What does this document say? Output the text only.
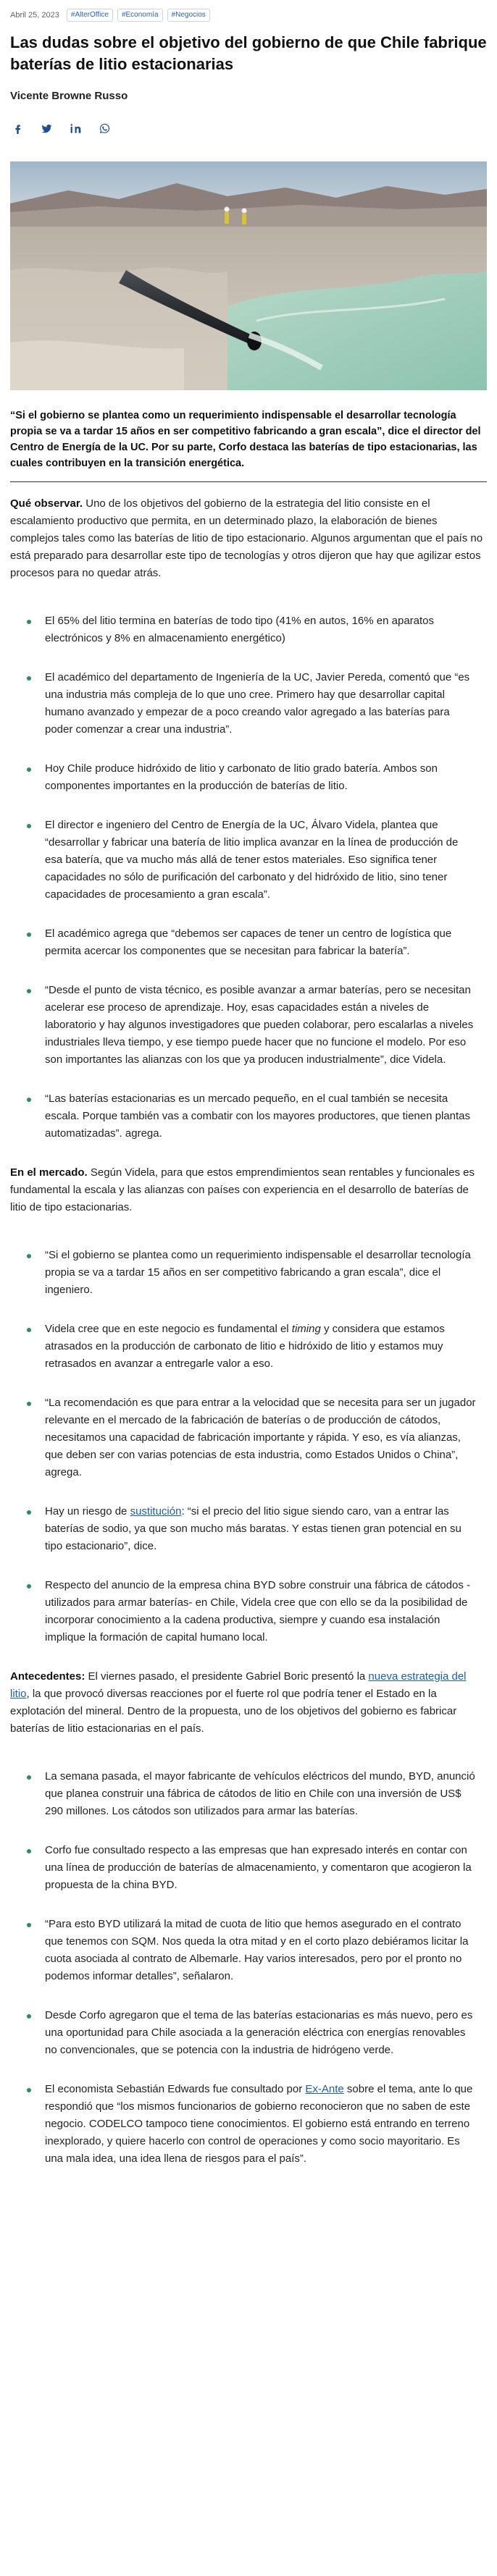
Abril 25, 2023	#AlterOffice	#Economía	#Negocios
Las dudas sobre el objetivo del gobierno de que Chile fabrique baterías de litio estacionarias
Vicente Browne Russo

“Si el gobierno se plantea como un requerimiento indispensable el desarrollar tecnología propia se va a tardar 15 años en ser competitivo fabricando a gran escala”, dice el director del Centro de Energía de la UC. Por su parte, Corfo destaca las baterías de tipo estacionarias, las cuales contribuyen en la transición energética.

Qué observar. Uno de los objetivos del gobierno de la estrategia del litio consiste en el escalamiento productivo que permita, en un determinado plazo, la elaboración de bienes complejos tales como las baterías de litio de tipo estacionario. Algunos argumentan que el país no está preparado para desarrollar este tipo de tecnologías y otros dijeron que hay que agilizar estos procesos para no quedar atrás.

El 65% del litio termina en baterías de todo tipo (41% en autos, 16% en aparatos electrónicos y 8% en almacenamiento energético)
El académico del departamento de Ingeniería de la UC, Javier Pereda, comentó que “es una industria más compleja de lo que uno cree. Primero hay que desarrollar capital humano avanzado y empezar de a poco creando valor agregado a las baterías para poder comenzar a crear una industria”.
Hoy Chile produce hidróxido de litio y carbonato de litio grado batería. Ambos son componentes importantes en la producción de baterías de litio.
El director e ingeniero del Centro de Energía de la UC, Álvaro Videla, plantea que “desarrollar y fabricar una batería de litio implica avanzar en la línea de producción de esa batería, que va mucho más allá de tener estos materiales. Eso significa tener capacidades no sólo de purificación del carbonato y del hidróxido de litio, sino tener capacidades de procesamiento a gran escala”.
El académico agrega que “debemos ser capaces de tener un centro de logística que permita acercar los componentes que se necesitan para fabricar la batería”.
“Desde el punto de vista técnico, es posible avanzar a armar baterías, pero se necesitan acelerar ese proceso de aprendizaje. Hoy, esas capacidades están a niveles de laboratorio y hay algunos investigadores que pueden colaborar, pero escalarlas a niveles industriales lleva tiempo, y ese tiempo puede hacer que no funcione el modelo. Por eso son importantes las alianzas con los que ya producen industrialmente”, dice Videla.
“Las baterías estacionarias es un mercado pequeño, en el cual también se necesita escala. Porque también vas a combatir con los mayores productores, que tienen plantas automatizadas”. agrega.

En el mercado. Según Videla, para que estos emprendimientos sean rentables y funcionales es fundamental la escala y las alianzas con países con experiencia en el desarrollo de baterías de litio de tipo estacionarias.

“Si el gobierno se plantea como un requerimiento indispensable el desarrollar tecnología propia se va a tardar 15 años en ser competitivo fabricando a gran escala”, dice el ingeniero.
Videla cree que en este negocio es fundamental el timing y considera que estamos atrasados en la producción de carbonato de litio e hidróxido de litio y estamos muy retrasados en avanzar a entregarle valor a eso.
“La recomendación es que para entrar a la velocidad que se necesita para ser un jugador relevante en el mercado de la fabricación de baterías o de producción de cátodos, necesitamos una capacidad de fabricación importante y rápida. Y eso, es vía alianzas, que deben ser con varias potencias de esta industria, como Estados Unidos o China”, agrega.
Hay un riesgo de sustitución: “si el precio del litio sigue siendo caro, van a entrar las baterías de sodio, ya que son mucho más baratas. Y estas tienen gran potencial en su tipo estacionario”, dice.
Respecto del anuncio de la empresa china BYD sobre construir una fábrica de cátodos -utilizados para armar baterías- en Chile, Videla cree que con ello se da la posibilidad de incorporar conocimiento a la cadena productiva, siempre y cuando esa instalación implique la formación de capital humano local.

Antecedentes: El viernes pasado, el presidente Gabriel Boric presentó la nueva estrategia del litio, la que provocó diversas reacciones por el fuerte rol que podría tener el Estado en la explotación del mineral. Dentro de la propuesta, uno de los objetivos del gobierno es fabricar baterías de litio estacionarias en el país.

La semana pasada, el mayor fabricante de vehículos eléctricos del mundo, BYD, anunció que planea construir una fábrica de cátodos de litio en Chile con una inversión de US$ 290 millones. Los cátodos son utilizados para armar las baterías.
Corfo fue consultado respecto a las empresas que han expresado interés en contar con una línea de producción de baterías de almacenamiento, y comentaron que acogieron la propuesta de la china BYD.
“Para esto BYD utilizará la mitad de cuota de litio que hemos asegurado en el contrato que tenemos con SQM. Nos queda la otra mitad y en el corto plazo debiéramos licitar la cuota asociada al contrato de Albemarle. Hay varios interesados, pero por el pronto no podemos informar detalles”, señalaron.
Desde Corfo agregaron que el tema de las baterías estacionarias es más nuevo, pero es una oportunidad para Chile asociada a la generación eléctrica con energías renovables no convencionales, que se potencia con la industria de hidrógeno verde.
El economista Sebastián Edwards fue consultado por Ex-Ante sobre el tema, ante lo que respondió que “los mismos funcionarios de gobierno reconocieron que no saben de este negocio. CODELCO tampoco tiene conocimientos. El gobierno está entrando en terreno inexplorado, y quiere hacerlo con control de operaciones y como socio mayoritario. Es una mala idea, una idea llena de riesgos para el país”.
